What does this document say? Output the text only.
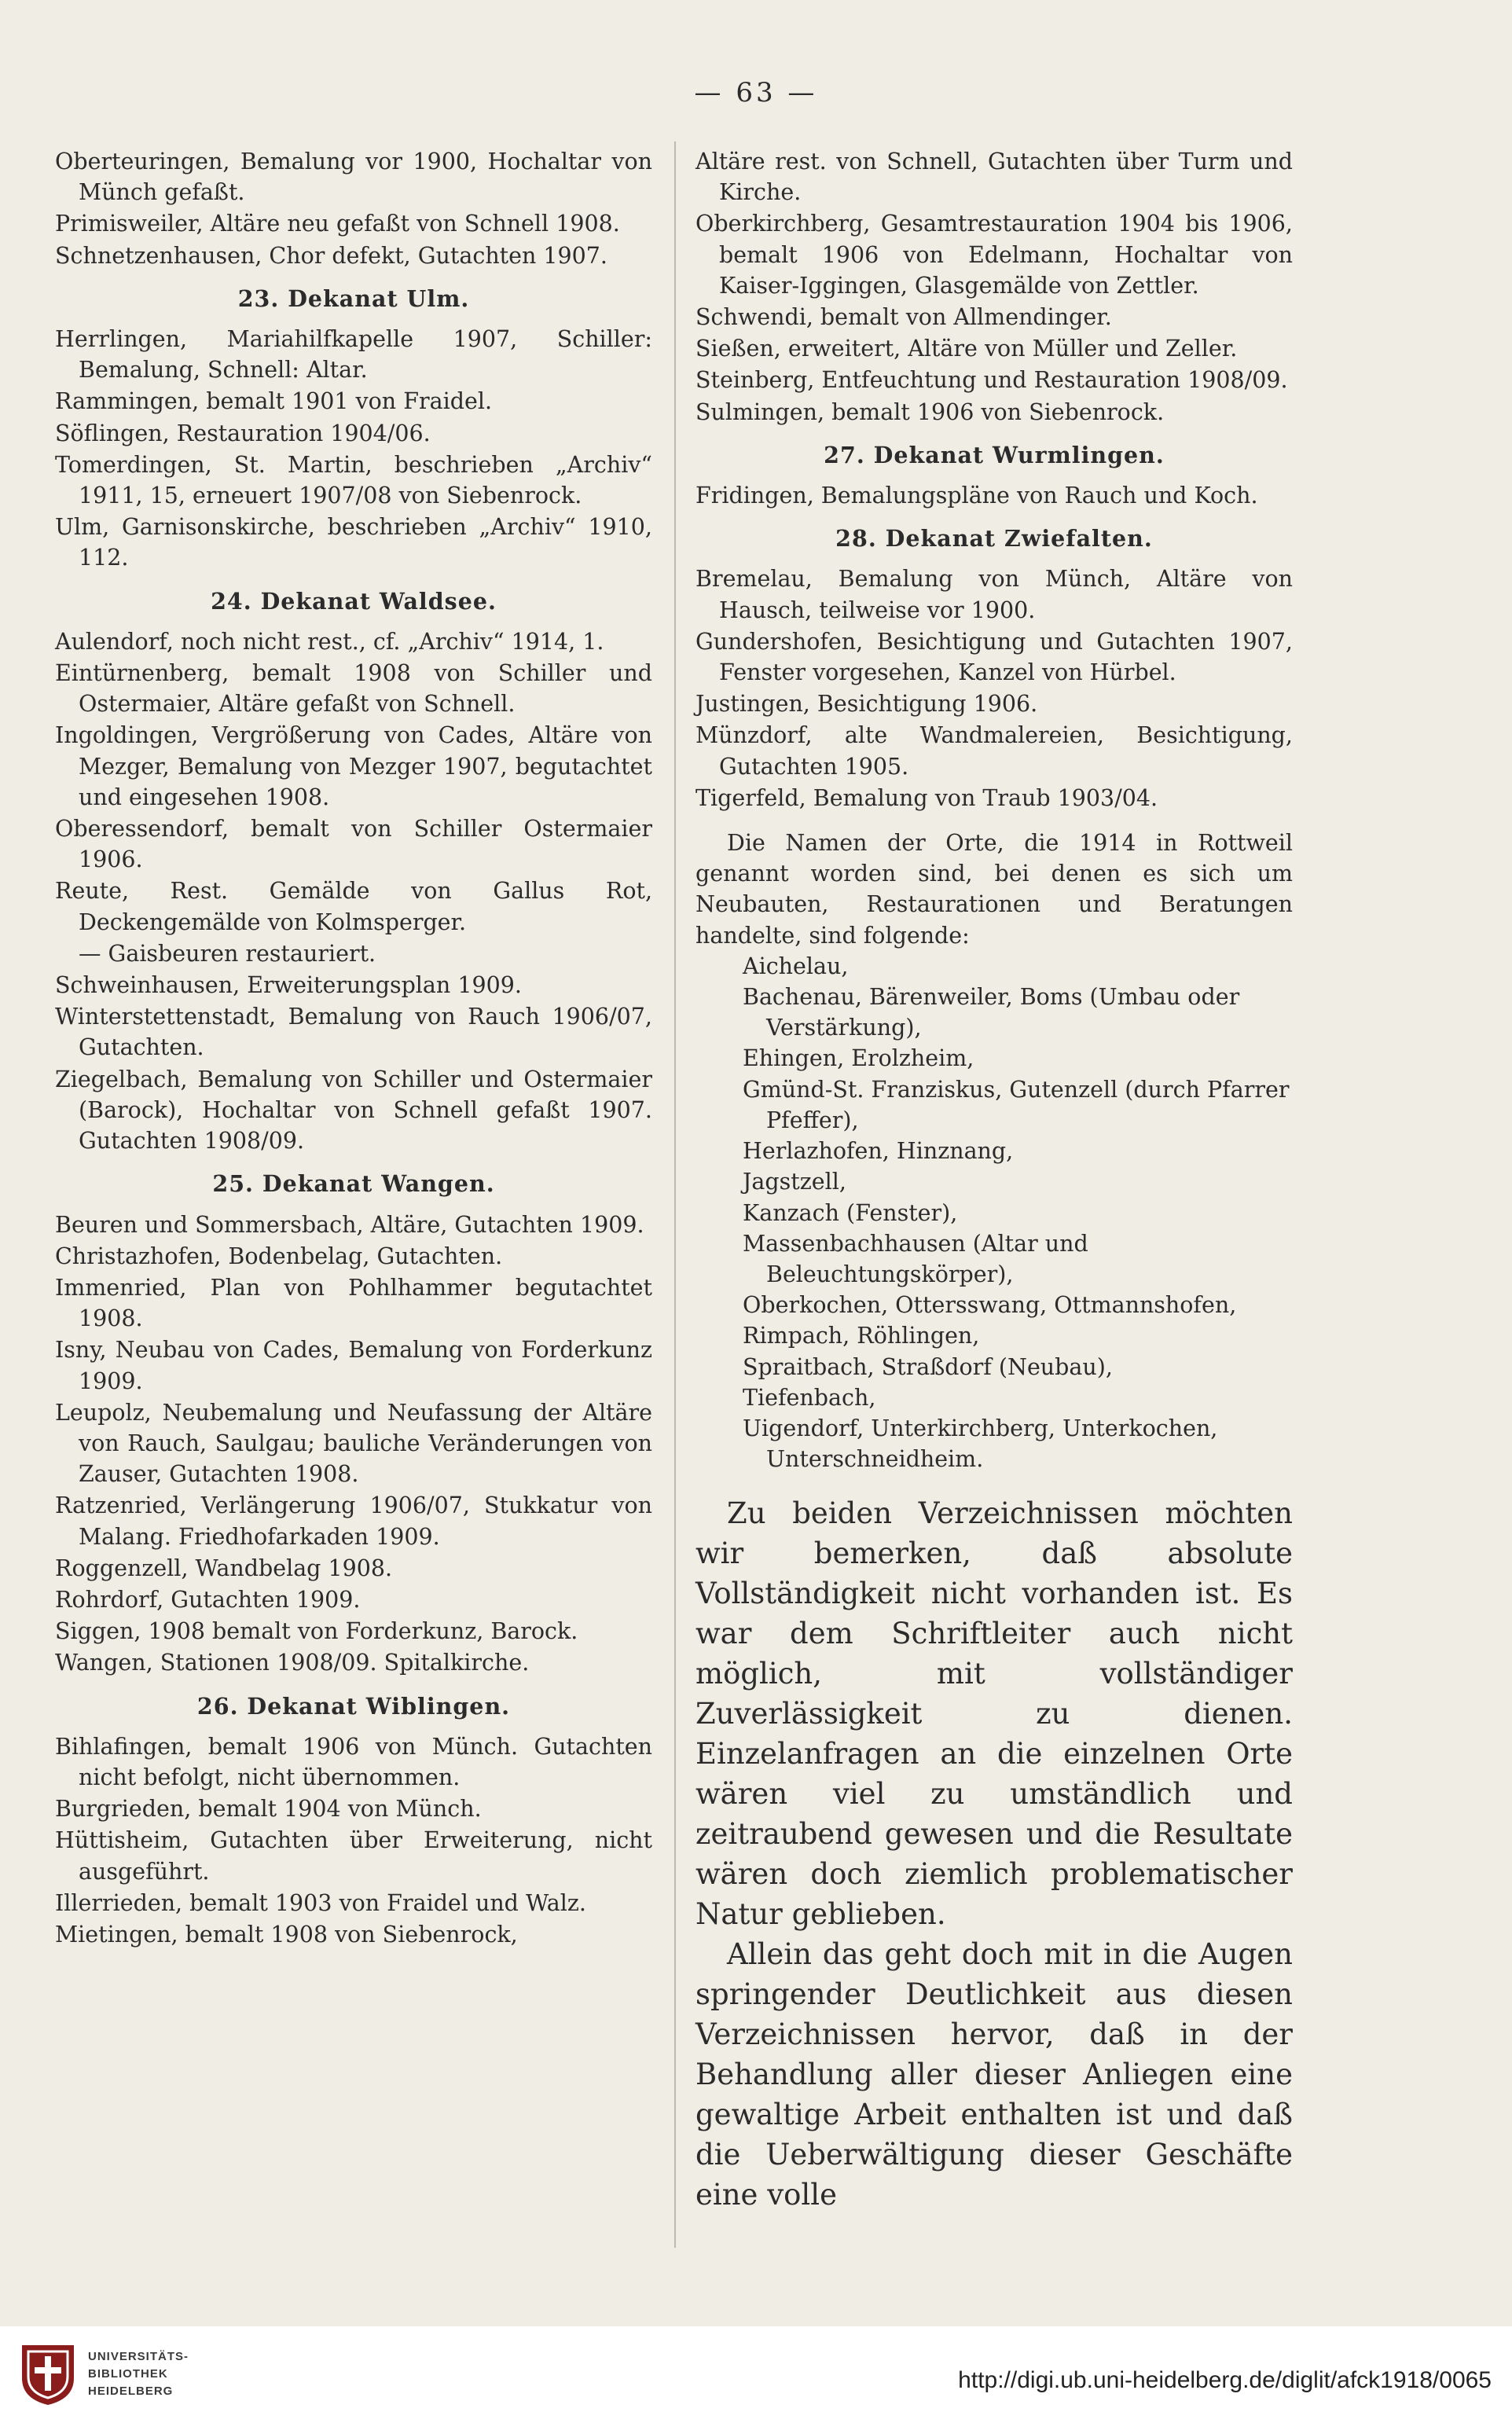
— 63 —

Oberteuringen, Bemalung vor 1900, Hochaltar von Münch gefaßt.

Primisweiler, Altäre neu gefaßt von Schnell 1908.

Schnetzenhausen, Chor defekt, Gutachten 1907.

23. Dekanat Ulm.

Herrlingen, Mariahilfkapelle 1907, Schiller: Bemalung, Schnell: Altar.

Rammingen, bemalt 1901 von Fraidel.

Söflingen, Restauration 1904/06.

Tomerdingen, St. Martin, beschrieben „Archiv“ 1911, 15, erneuert 1907/08 von Siebenrock.

Ulm, Garnisonskirche, beschrieben „Archiv“ 1910, 112.

24. Dekanat Waldsee.

Aulendorf, noch nicht rest., cf. „Archiv“ 1914, 1.

Eintürnenberg, bemalt 1908 von Schiller und Ostermaier, Altäre gefaßt von Schnell.

Ingoldingen, Vergrößerung von Cades, Altäre von Mezger, Bemalung von Mezger 1907, begutachtet und eingesehen 1908.

Oberessendorf, bemalt von Schiller Ostermaier 1906.

Reute, Rest. Gemälde von Gallus Rot, Deckengemälde von Kolmsperger.

— Gaisbeuren restauriert.

Schweinhausen, Erweiterungsplan 1909.

Winterstettenstadt, Bemalung von Rauch 1906/07, Gutachten.

Ziegelbach, Bemalung von Schiller und Ostermaier (Barock), Hochaltar von Schnell gefaßt 1907. Gutachten 1908/09.

25. Dekanat Wangen.

Beuren und Sommersbach, Altäre, Gutachten 1909.

Christazhofen, Bodenbelag, Gutachten.

Immenried, Plan von Pohlhammer begutachtet 1908.

Isny, Neubau von Cades, Bemalung von Forderkunz 1909.

Leupolz, Neubemalung und Neufassung der Altäre von Rauch, Saulgau; bauliche Veränderungen von Zauser, Gutachten 1908.

Ratzenried, Verlängerung 1906/07, Stukkatur von Malang. Friedhofarkaden 1909.

Roggenzell, Wandbelag 1908.

Rohrdorf, Gutachten 1909.

Siggen, 1908 bemalt von Forderkunz, Barock.

Wangen, Stationen 1908/09. Spitalkirche.

26. Dekanat Wiblingen.

Bihlafingen, bemalt 1906 von Münch. Gutachten nicht befolgt, nicht übernommen.

Burgrieden, bemalt 1904 von Münch.

Hüttisheim, Gutachten über Erweiterung, nicht ausgeführt.

Illerrieden, bemalt 1903 von Fraidel und Walz.

Mietingen, bemalt 1908 von Siebenrock,

Altäre rest. von Schnell, Gutachten über Turm und Kirche.

Oberkirchberg, Gesamtrestauration 1904 bis 1906, bemalt 1906 von Edelmann, Hochaltar von Kaiser-Iggingen, Glasgemälde von Zettler.

Schwendi, bemalt von Allmendinger.

Sießen, erweitert, Altäre von Müller und Zeller.

Steinberg, Entfeuchtung und Restauration 1908/09.

Sulmingen, bemalt 1906 von Siebenrock.

27. Dekanat Wurmlingen.

Fridingen, Bemalungspläne von Rauch und Koch.

28. Dekanat Zwiefalten.

Bremelau, Bemalung von Münch, Altäre von Hausch, teilweise vor 1900.

Gundershofen, Besichtigung und Gutachten 1907, Fenster vorgesehen, Kanzel von Hürbel.

Justingen, Besichtigung 1906.

Münzdorf, alte Wandmalereien, Besichtigung, Gutachten 1905.

Tigerfeld, Bemalung von Traub 1903/04.

Die Namen der Orte, die 1914 in Rottweil genannt worden sind, bei denen es sich um Neubauten, Restaurationen und Beratungen handelte, sind folgende:

Aichelau,
Bachenau, Bärenweiler, Boms (Umbau oder Verstärkung),
Ehingen, Erolzheim,
Gmünd-St. Franziskus, Gutenzell (durch Pfarrer Pfeffer),
Herlazhofen, Hinznang,
Jagstzell,
Kanzach (Fenster),
Massenbachhausen (Altar und Beleuchtungskörper),
Oberkochen, Ottersswang, Ottmannshofen,
Rimpach, Röhlingen,
Spraitbach, Straßdorf (Neubau),
Tiefenbach,
Uigendorf, Unterkirchberg, Unterkochen, Unterschneidheim.

Zu beiden Verzeichnissen möchten wir bemerken, daß absolute Vollständigkeit nicht vorhanden ist. Es war dem Schriftleiter auch nicht möglich, mit vollständiger Zuverlässigkeit zu dienen. Einzelanfragen an die einzelnen Orte wären viel zu umständlich und zeitraubend gewesen und die Resultate wären doch ziemlich problematischer Natur geblieben.

Allein das geht doch mit in die Augen springender Deutlichkeit aus diesen Verzeichnissen hervor, daß in der Behandlung aller dieser Anliegen eine gewaltige Arbeit enthalten ist und daß die Ueberwältigung dieser Geschäfte eine volle

UNIVERSITÄTS-
BIBLIOTHEK
HEIDELBERG	http://digi.ub.uni-heidelberg.de/diglit/afck1918/0065
